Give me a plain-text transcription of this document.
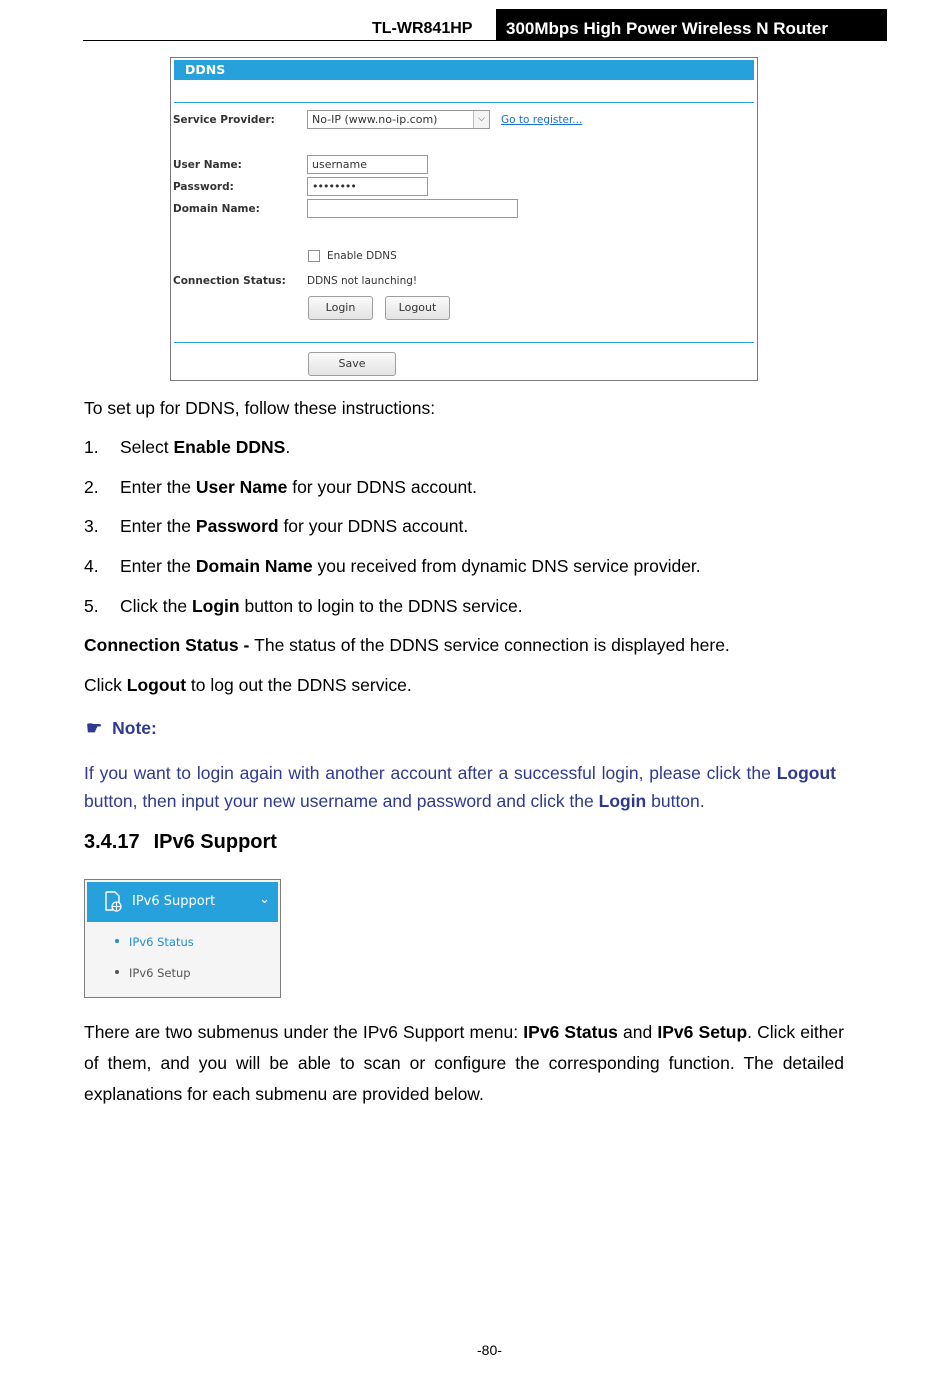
TL-WR841HP	300Mbps High Power Wireless N Router
DDNS
Service Provider:	No-IP (www.no-ip.com)	⌵	Go to register...
User Name:	username
Password:	••••••••
Domain Name:
Enable DDNS
Connection Status: DDNS not launching!
Login	Logout
Save
To set up for DDNS, follow these instructions:
1. Select Enable DDNS.
2. Enter the User Name for your DDNS account.
3. Enter the Password for your DDNS account.
4. Enter the Domain Name you received from dynamic DNS service provider.
5. Click the Login button to login to the DDNS service.
Connection Status - The status of the DDNS service connection is displayed here.
Click Logout to log out the DDNS service.
☛ Note:
If you want to login again with another account after a successful login, please click the Logout button, then input your new username and password and click the Login button.
3.4.17 IPv6 Support
IPv6 Support	⌄
IPv6 Status
IPv6 Setup
There are two submenus under the IPv6 Support menu: IPv6 Status and IPv6 Setup. Click either of them, and you will be able to scan or configure the corresponding function. The detailed explanations for each submenu are provided below.
-80-
